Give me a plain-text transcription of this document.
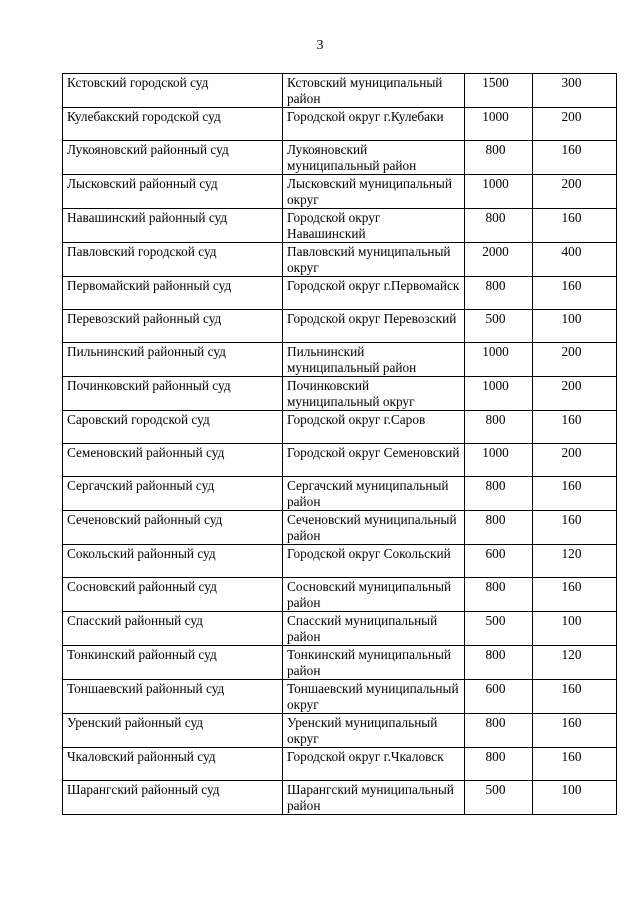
3
Кстовский городской суд	Кстовский муниципальный район	1500	300
Кулебакский городской суд	Городской округ г.Кулебаки	1000	200
Лукояновский районный суд	Лукояновский муниципальный район	800	160
Лысковский районный суд	Лысковский муниципальный округ	1000	200
Навашинский районный суд	Городской округ Навашинский	800	160
Павловский городской суд	Павловский муниципальный округ	2000	400
Первомайский районный суд	Городской округ г.Первомайск	800	160
Перевозский районный суд	Городской округ Перевозский	500	100
Пильнинский районный суд	Пильнинский муниципальный район	1000	200
Починковский районный суд	Починковский муниципальный округ	1000	200
Саровский городской суд	Городской округ г.Саров	800	160
Семеновский районный суд	Городской округ Семеновский	1000	200
Сергачский районный суд	Сергачский муниципальный район	800	160
Сеченовский районный суд	Сеченовский муниципальный район	800	160
Сокольский районный суд	Городской округ Сокольский	600	120
Сосновский районный суд	Сосновский муниципальный район	800	160
Спасский районный суд	Спасский муниципальный район	500	100
Тонкинский районный суд	Тонкинский муниципальный район	800	120
Тоншаевский районный суд	Тоншаевский муниципальный округ	600	160
Уренский районный суд	Уренский муниципальный округ	800	160
Чкаловский районный суд	Городской округ г.Чкаловск	800	160
Шарангский районный суд	Шарангский муниципальный район	500	100
